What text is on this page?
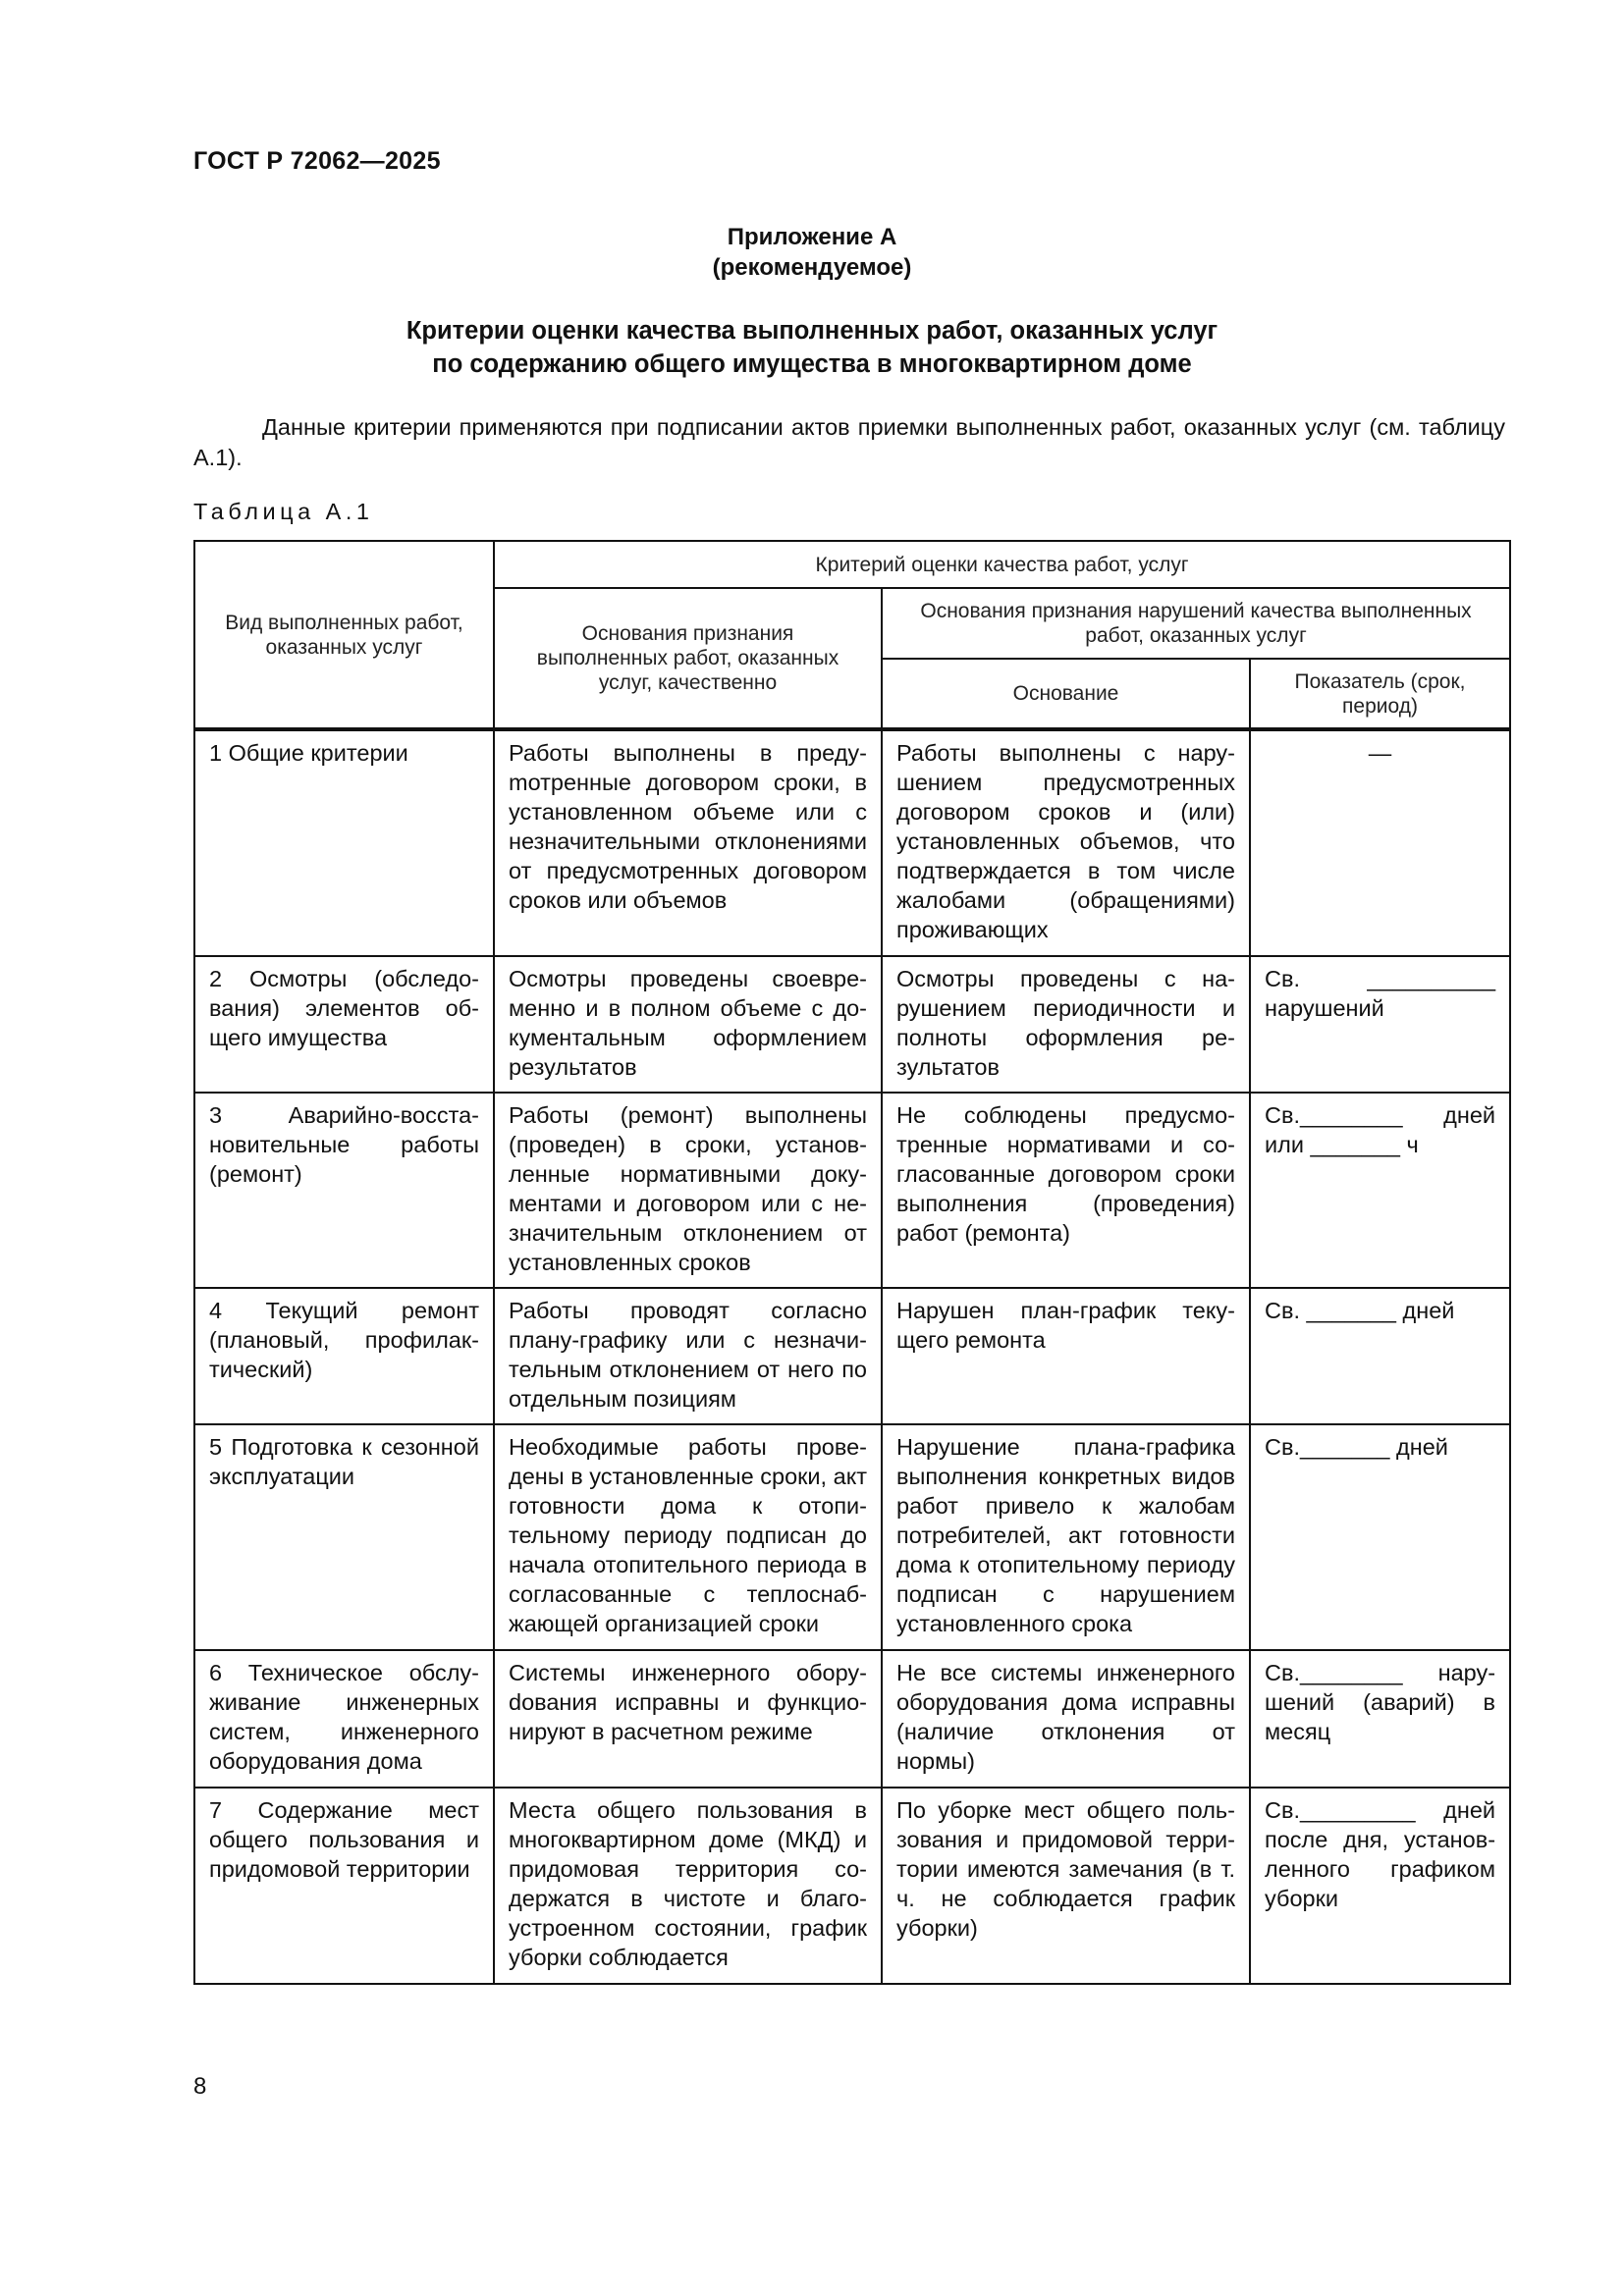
ГОСТ Р 72062—2025
Приложение А
(рекомендуемое)
Критерии оценки качества выполненных работ, оказанных услуг
по содержанию общего имущества в многоквартирном доме

Данные критерии применяются при подписании актов приемки выполненных работ, оказанных услуг (см. таблицу А.1).

Таблица А.1
Вид выполненных работ, оказанных услуг	Критерий оценки качества работ, услуг		
	Основания признания выполненных работ, оказанных услуг, качественно	Основания признания нарушений качества выполненных работ, оказанных услуг	
		Основание	Показатель (срок, период)
1 Общие критерии	Работы выполнены в предуmотренные договором сроки, в установленном объеме или с незначительными отклонениями от предусмотренных договором сроков или объемов	Работы выполнены с нарушением предусмотренных договором сроков и (или) установленных объемов, что подтверждается в том числе жалобами (обращениями) проживающих	—
2 Осмотры (обследования) элементов общего имущества	Осмотры проведены своевременно и в полном объеме с документальным оформлением результатов	Осмотры проведены с нарушением периодичности и полноты оформления результатов	Св. __________ нарушений
3 Аварийно-восстановительные работы (ремонт)	Работы (ремонт) выполнены (проведен) в сроки, установленные нормативными документами и договором или с незначительным отклонением от установленных сроков	Не соблюдены предусмотренные нормативами и согласованные договором сроки выполнения (проведения) работ (ремонта)	Св.________ дней или _______ ч
4 Текущий ремонт (плановый, профилактический)	Работы проводят согласно плану-графику или с незначительным отклонением от него по отдельным позициям	Нарушен план-график текущего ремонта	Св. _______ дней
5 Подготовка к сезонной эксплуатации	Необходимые работы проведены в установленные сроки, акт готовности дома к отопительному периоду подписан до начала отопительного периода в согласованные с теплоснабжающей организацией сроки	Нарушение плана-графика выполнения конкретных видов работ привело к жалобам потребителей, акт готовности дома к отопительному периоду подписан с нарушением установленного срока	Св._______ дней
6 Техническое обслуживание инженерных систем, инженерного оборудования дома	Системы инженерного оборуdования исправны и функционируют в расчетном режиме	Не все системы инженерного оборудования дома исправны (наличие отклонения от нормы)	Св.________ нарушений (аварий) в месяц
7 Содержание мест общего пользования и придомовой территории	Места общего пользования в многоквартирном доме (МКД) и придомовая территория содержатся в чистоте и благоустроенном состоянии, график уборки соблюдается	По уборке мест общего пользования и придомовой территории имеются замечания (в т. ч. не соблюдается график уборки)	Св._________ дней после дня, установленного графиком уборки
8
